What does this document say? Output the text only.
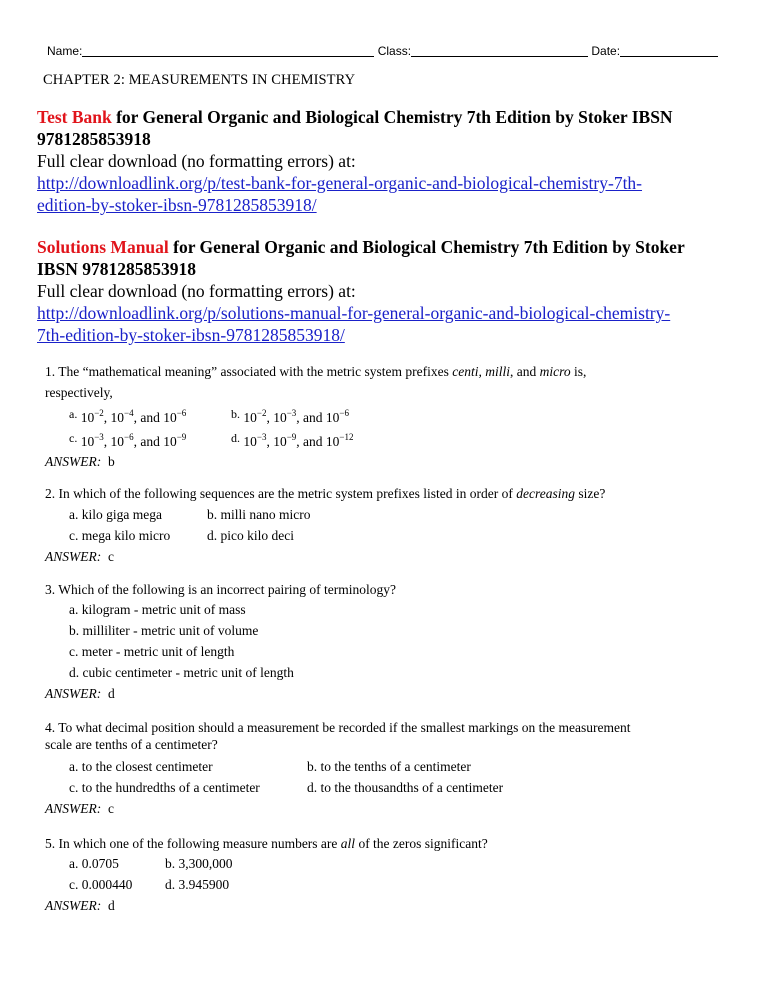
Name:	Class:	Date:
CHAPTER 2: MEASUREMENTS IN CHEMISTRY
Test Bank for General Organic and Biological Chemistry 7th Edition by Stoker IBSN
9781285853918
Full clear download (no formatting errors) at:
http://downloadlink.org/p/test-bank-for-general-organic-and-biological-chemistry-7th-
edition-by-stoker-ibsn-9781285853918/
Solutions Manual for General Organic and Biological Chemistry 7th Edition by Stoker
IBSN 9781285853918
Full clear download (no formatting errors) at:
http://downloadlink.org/p/solutions-manual-for-general-organic-and-biological-chemistry-
7th-edition-by-stoker-ibsn-9781285853918/
1. The “mathematical meaning” associated with the metric system prefixes centi, milli, and micro is,
respectively,
a. $10^{-2}$, $10^{-4}$, and $10^{-6}$	b. $10^{-2}$, $10^{-3}$, and $10^{-6}$
c. $10^{-3}$, $10^{-6}$, and $10^{-9}$	d. $10^{-3}$, $10^{-9}$, and $10^{-12}$
ANSWER: b
2. In which of the following sequences are the metric system prefixes listed in order of decreasing size?
a. kilo giga mega	b. milli nano micro
c. mega kilo micro	d. pico kilo deci
ANSWER: c
3. Which of the following is an incorrect pairing of terminology?
a. kilogram - metric unit of mass
b. milliliter - metric unit of volume
c. meter - metric unit of length
d. cubic centimeter - metric unit of length
ANSWER: d
4. To what decimal position should a measurement be recorded if the smallest markings on the measurement
scale are tenths of a centimeter?
a. to the closest centimeter	b. to the tenths of a centimeter
c. to the hundredths of a centimeter	d. to the thousandths of a centimeter
ANSWER: c
5. In which one of the following measure numbers are all of the zeros significant?
a. 0.0705	b. 3,300,000
c. 0.000440 d. 3.945900
ANSWER: d
